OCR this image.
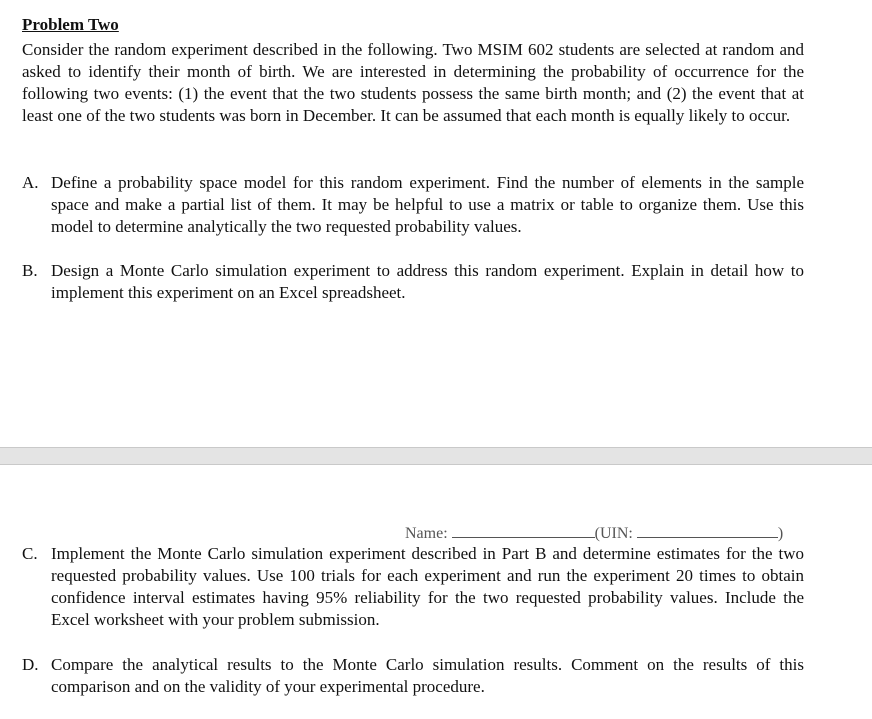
Problem Two
Consider the random experiment described in the following. Two MSIM 602 students are selected at random and asked to identify their month of birth. We are interested in determining the probability of occurrence for the following two events: (1) the event that the two students possess the same birth month; and (2) the event that at least one of the two students was born in December. It can be assumed that each month is equally likely to occur.
A. Define a probability space model for this random experiment. Find the number of elements in the sample space and make a partial list of them. It may be helpful to use a matrix or table to organize them. Use this model to determine analytically the two requested probability values.
B. Design a Monte Carlo simulation experiment to address this random experiment. Explain in detail how to implement this experiment on an Excel spreadsheet.
Name:	(UIN:	)
C. Implement the Monte Carlo simulation experiment described in Part B and determine estimates for the two requested probability values. Use 100 trials for each experiment and run the experiment 20 times to obtain confidence interval estimates having 95% reliability for the two requested probability values. Include the Excel worksheet with your problem submission.
D. Compare the analytical results to the Monte Carlo simulation results. Comment on the results of this comparison and on the validity of your experimental procedure.
